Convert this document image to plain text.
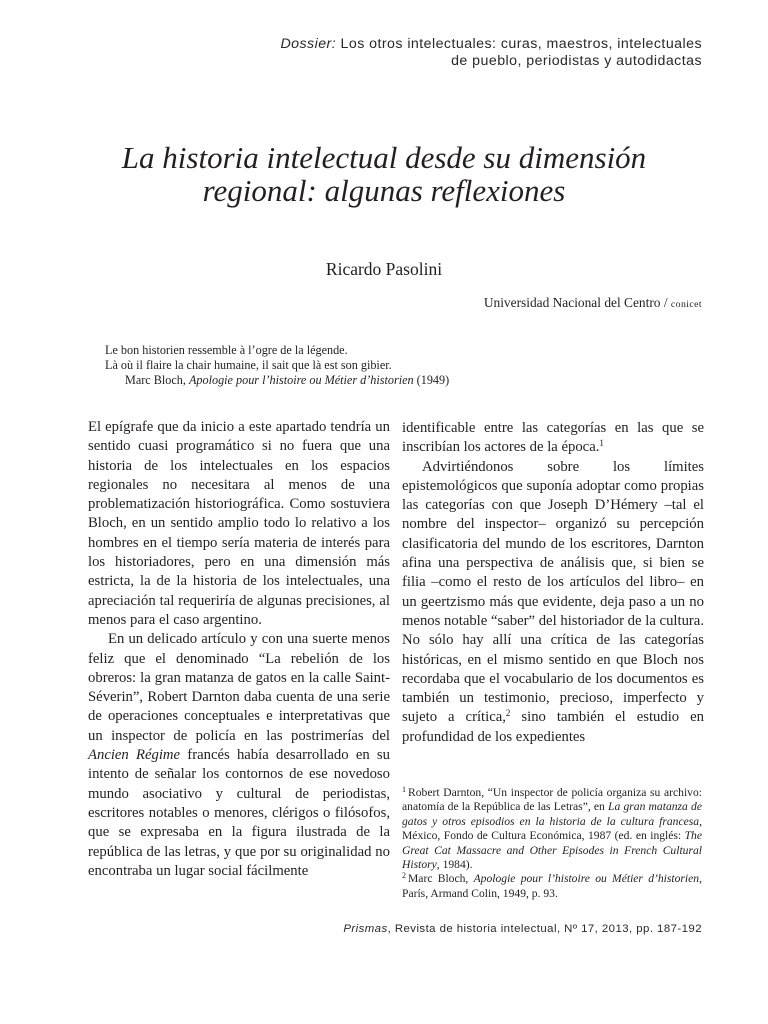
Dossier: Los otros intelectuales: curas, maestros, intelectuales
de pueblo, periodistas y autodidactas
La historia intelectual desde su dimensión
regional: algunas reflexiones
Ricardo Pasolini
Universidad Nacional del Centro / conicet
Le bon historien ressemble à l’ogre de la légende.
Là où il flaire la chair humaine, il sait que là est son gibier.
Marc Bloch, Apologie pour l’histoire ou Métier d’historien (1949)

El epígrafe que da inicio a este apartado tendría un sentido cuasi programático si no fuera que una historia de los intelectuales en los espacios regionales no necesitara al menos de una problematización historiográfica. Como sostuviera Bloch, en un sentido amplio todo lo relativo a los hombres en el tiempo sería materia de interés para los historiadores, pero en una dimensión más estricta, la de la historia de los intelectuales, una apreciación tal requeriría de algunas precisiones, al menos para el caso argentino.

En un delicado artículo y con una suerte menos feliz que el denominado “La rebelión de los obreros: la gran matanza de gatos en la calle Saint-Séverin”, Robert Darnton daba cuenta de una serie de operaciones conceptuales e interpretativas que un inspector de policía en las postrimerías del Ancien Régime francés había desarrollado en su intento de señalar los contornos de ese novedoso mundo asociativo y cultural de periodistas, escritores notables o menores, clérigos o filósofos, que se expresaba en la figura ilustrada de la república de las letras, y que por su originalidad no encontraba un lugar social fácilmente

identificable entre las categorías en las que se inscribían los actores de la época.$^1$

Advirtiéndonos sobre los límites epistemológicos que suponía adoptar como propias las categorías con que Joseph D’Hémery –tal el nombre del inspector– organizó su percepción clasificatoria del mundo de los escritores, Darnton afina una perspectiva de análisis que, si bien se filia –como el resto de los artículos del libro– en un geertzismo más que evidente, deja paso a un no menos notable “saber” del historiador de la cultura. No sólo hay allí una crítica de las categorías históricas, en el mismo sentido en que Bloch nos recordaba que el vocabulario de los documentos es también un testimonio, precioso, imperfecto y sujeto a crítica,$^2$ sino también el estudio en profundidad de los expedientes

$^1$ Robert Darnton, “Un inspector de policía organiza su archivo: anatomía de la República de las Letras”, en La gran matanza de gatos y otros episodios en la historia de la cultura francesa, México, Fondo de Cultura Económica, 1987 (ed. en inglés: The Great Cat Massacre and Other Episodes in French Cultural History, 1984).

$^2$ Marc Bloch, Apologie pour l’histoire ou Métier d’historien, París, Armand Colin, 1949, p. 93.

Prismas, Revista de historia intelectual, Nº 17, 2013, pp. 187-192
